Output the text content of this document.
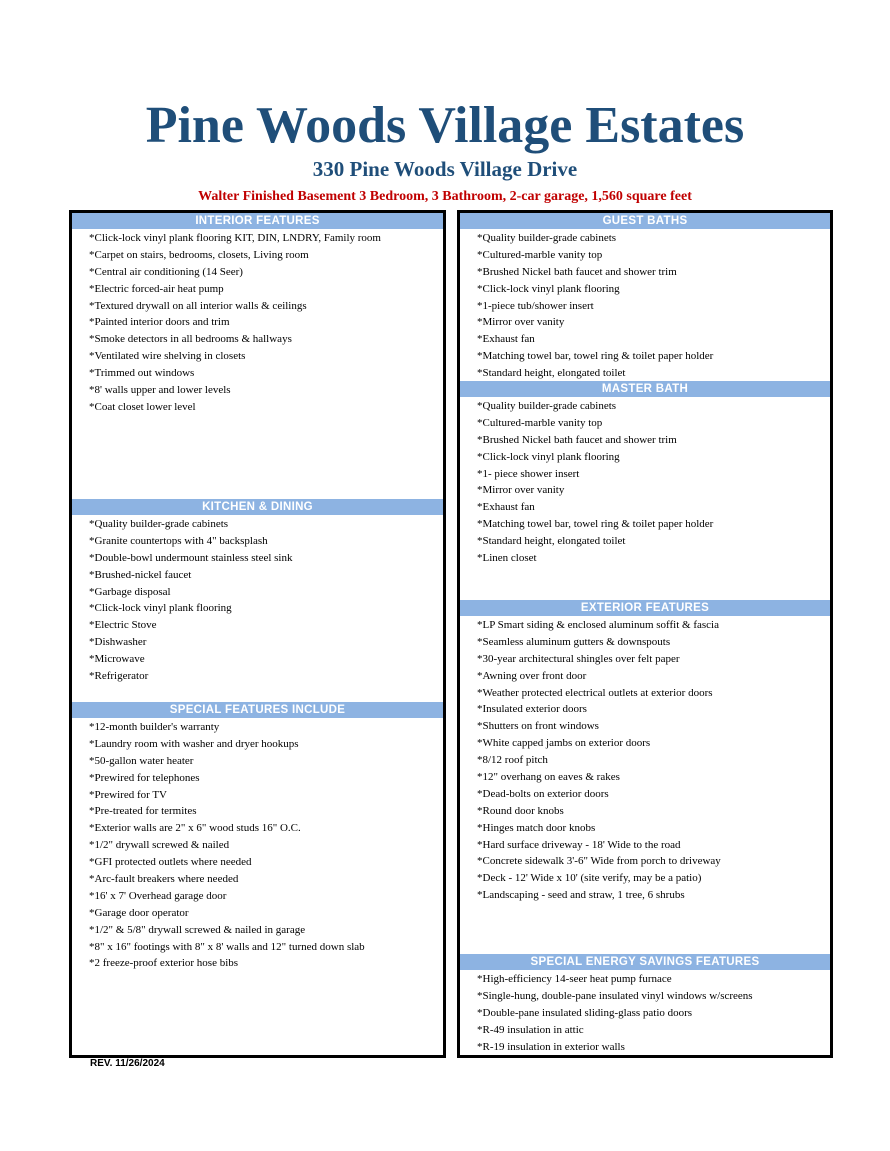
Pine Woods Village Estates
330 Pine Woods Village Drive
Walter Finished Basement 3 Bedroom, 3 Bathroom, 2-car garage, 1,560 square feet
INTERIOR FEATURES
*Click-lock vinyl plank flooring KIT, DIN, LNDRY, Family room
*Carpet on stairs, bedrooms, closets, Living room
*Central air conditioning (14 Seer)
*Electric forced-air heat pump
*Textured drywall on all interior walls & ceilings
*Painted interior doors and trim
*Smoke detectors in all bedrooms & hallways
*Ventilated wire shelving in closets
*Trimmed out windows
*8' walls upper and lower levels
*Coat closet lower level
KITCHEN & DINING
*Quality builder-grade cabinets
*Granite countertops with 4" backsplash
*Double-bowl undermount stainless steel sink
*Brushed-nickel faucet
*Garbage disposal
*Click-lock vinyl plank flooring
*Electric Stove
*Dishwasher
*Microwave
*Refrigerator
SPECIAL FEATURES INCLUDE
*12-month builder's warranty
*Laundry room with washer and dryer hookups
*50-gallon water heater
*Prewired for telephones
*Prewired for TV
*Pre-treated for termites
*Exterior walls are 2" x 6" wood studs 16" O.C.
*1/2" drywall screwed & nailed
*GFI protected outlets where needed
*Arc-fault breakers where needed
*16' x 7' Overhead garage door
*Garage door operator
*1/2" & 5/8" drywall screwed & nailed in garage
*8" x 16" footings with 8" x 8' walls and 12" turned down slab
*2 freeze-proof exterior hose bibs
GUEST BATHS
*Quality builder-grade cabinets
*Cultured-marble vanity top
*Brushed Nickel bath faucet and shower trim
*Click-lock vinyl plank flooring
*1-piece tub/shower insert
*Mirror over vanity
*Exhaust fan
*Matching towel bar, towel ring & toilet paper holder
*Standard height, elongated toilet
MASTER BATH
*Quality builder-grade cabinets
*Cultured-marble vanity top
*Brushed Nickel bath faucet and shower trim
*Click-lock vinyl plank flooring
*1- piece shower insert
*Mirror over vanity
*Exhaust fan
*Matching towel bar, towel ring & toilet paper holder
*Standard height, elongated toilet
*Linen closet
EXTERIOR FEATURES
*LP Smart siding & enclosed aluminum soffit & fascia
*Seamless aluminum gutters & downspouts
*30-year architectural shingles over felt paper
*Awning over front door
*Weather protected electrical outlets at exterior doors
*Insulated exterior doors
*Shutters on front windows
*White capped jambs on exterior doors
*8/12 roof pitch
*12" overhang on eaves & rakes
*Dead-bolts on exterior doors
*Round door knobs
*Hinges match door knobs
*Hard surface driveway - 18' Wide to the road
*Concrete sidewalk 3'-6" Wide from porch to driveway
*Deck - 12' Wide x 10' (site verify, may be a patio)
*Landscaping - seed and straw, 1 tree, 6 shrubs
SPECIAL ENERGY SAVINGS FEATURES
*High-efficiency 14-seer heat pump furnace
*Single-hung, double-pane insulated vinyl windows w/screens
*Double-pane insulated sliding-glass patio doors
*R-49 insulation in attic
*R-19 insulation in exterior walls
REV. 11/26/2024
